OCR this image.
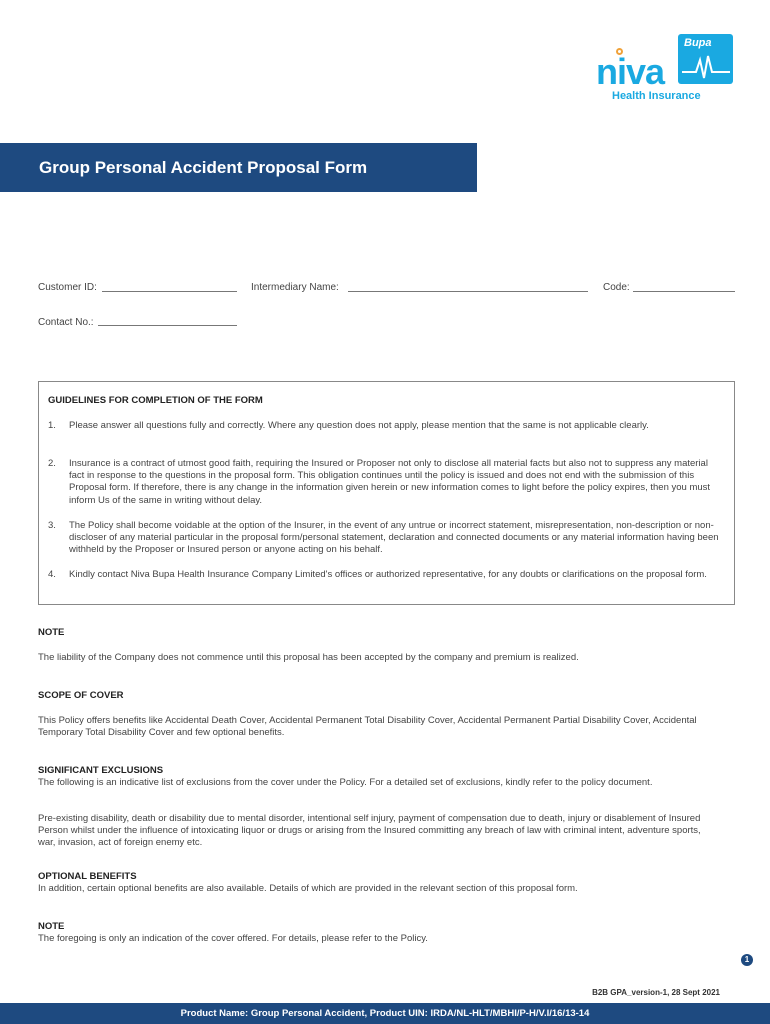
niva
Bupa
Health Insurance
Group Personal Accident Proposal Form
Customer ID:	Intermediary Name:	Code:
Contact No.:
GUIDELINES FOR COMPLETION OF THE FORM
1. Please answer all questions fully and correctly. Where any question does not apply, please mention that the same is not applicable clearly.
2. Insurance is a contract of utmost good faith, requiring the Insured or Proposer not only to disclose all material facts but also not to suppress any material fact in response to the questions in the proposal form. This obligation continues until the policy is issued and does not end with the submission of this Proposal form. If therefore, there is any change in the information given herein or new information comes to light before the policy expires, then you must inform Us of the same in writing without delay.
3. The Policy shall become voidable at the option of the Insurer, in the event of any untrue or incorrect statement, misrepresentation, non-description or non-discloser of any material particular in the proposal form/personal statement, declaration and connected documents or any material information having been withheld by the Proposer or Insured person or anyone acting on his behalf.
4. Kindly contact Niva Bupa Health Insurance Company Limited's offices or authorized representative, for any doubts or clarifications on the proposal form.
NOTE
The liability of the Company does not commence until this proposal has been accepted by the company and premium is realized.
SCOPE OF COVER
This Policy offers benefits like Accidental Death Cover, Accidental Permanent Total Disability Cover, Accidental Permanent Partial Disability Cover, Accidental Temporary Total Disability Cover and few optional benefits.
SIGNIFICANT EXCLUSIONS
The following is an indicative list of exclusions from the cover under the Policy. For a detailed set of exclusions, kindly refer to the policy document.
Pre-existing disability, death or disability due to mental disorder, intentional self injury, payment of compensation due to death, injury or disablement of Insured Person whilst under the influence of intoxicating liquor or drugs or arising from the Insured committing any breach of law with criminal intent, adventure sports, war, invasion, act of foreign enemy etc.
OPTIONAL BENEFITS
In addition, certain optional benefits are also available. Details of which are provided in the relevant section of this proposal form.
NOTE
The foregoing is only an indication of the cover offered. For details, please refer to the Policy.
1
B2B GPA_version-1, 28 Sept 2021
Product Name: Group Personal Accident, Product UIN: IRDA/NL-HLT/MBHI/P-H/V.I/16/13-14
